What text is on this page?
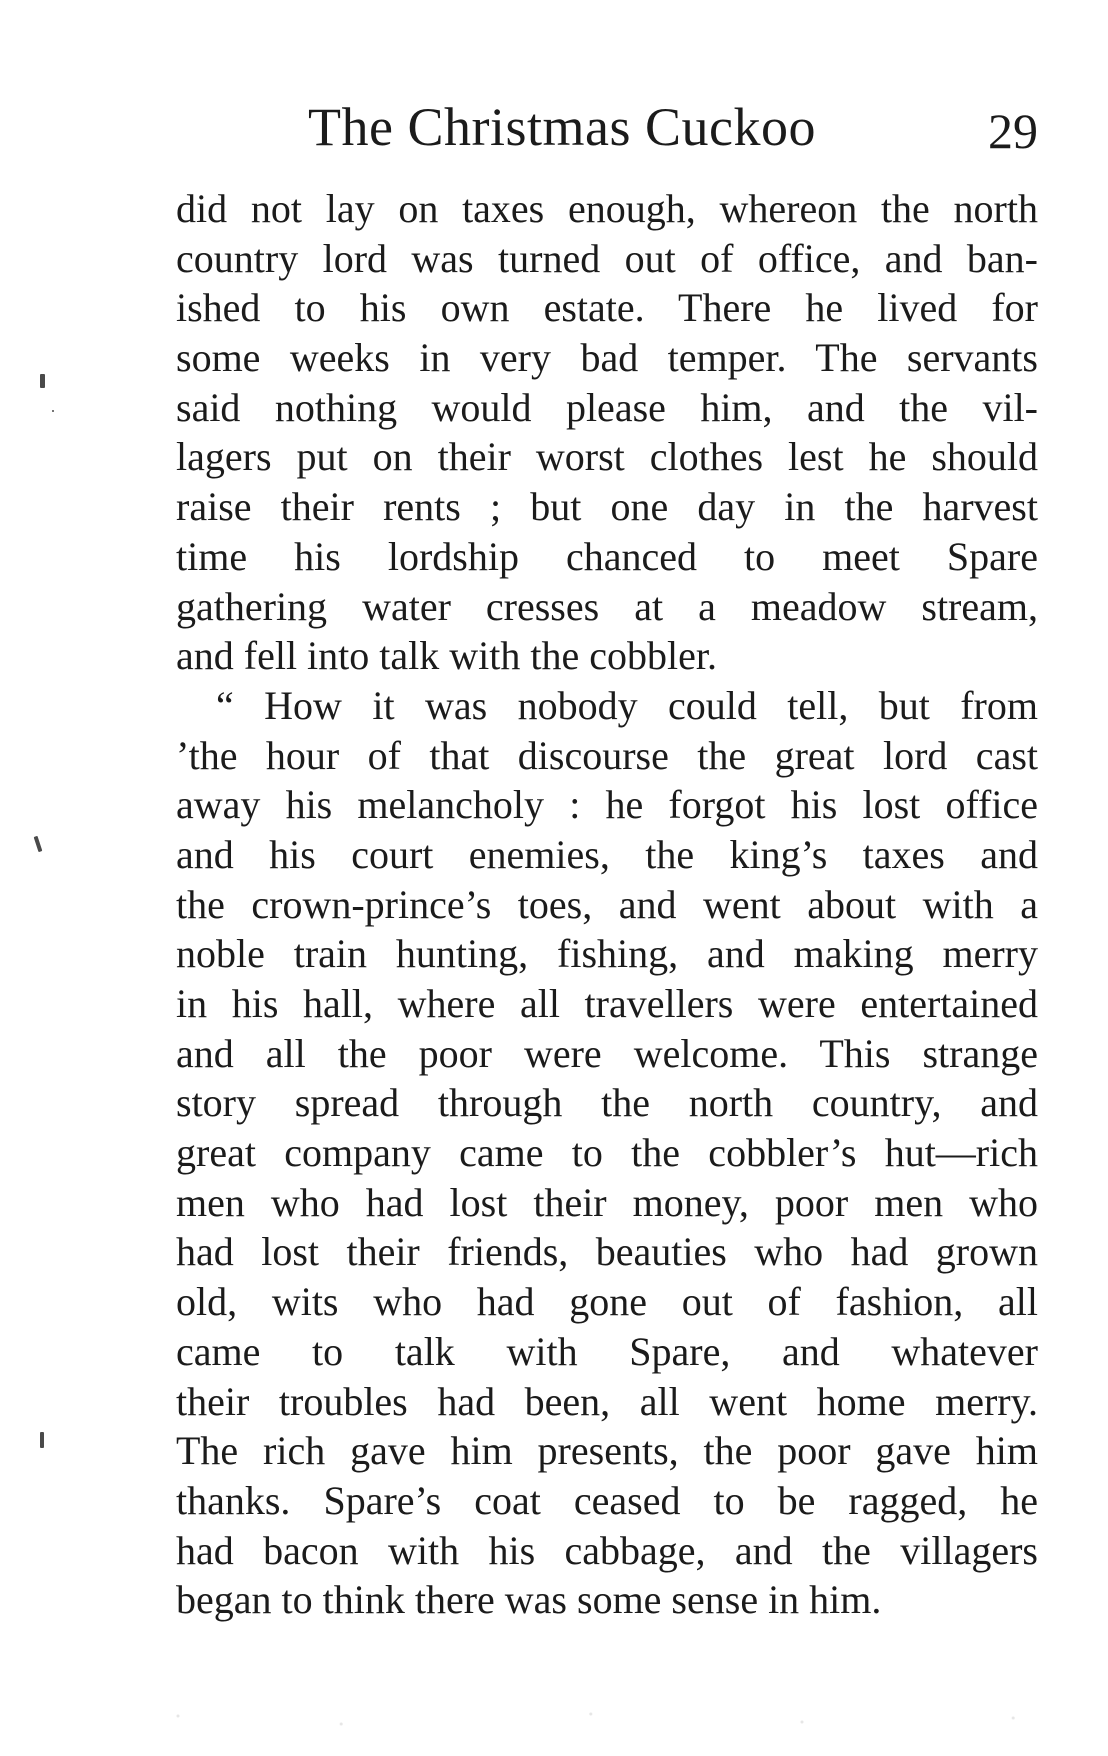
The Christmas Cuckoo	29
did not lay on taxes enough, whereon the north
country lord was turned out of office, and ban-
ished to his own estate. There he lived for
some weeks in very bad temper. The servants
said nothing would please him, and the vil-
lagers put on their worst clothes lest he should
raise their rents ; but one day in the harvest
time his lordship chanced to meet Spare
gathering water cresses at a meadow stream,
and fell into talk with the cobbler.
“ How it was nobody could tell, but from
’the hour of that discourse the great lord cast
away his melancholy : he forgot his lost office
and his court enemies, the king’s taxes and
the crown-prince’s toes, and went about with a
noble train hunting, fishing, and making merry
in his hall, where all travellers were entertained
and all the poor were welcome. This strange
story spread through the north country, and
great company came to the cobbler’s hut—rich
men who had lost their money, poor men who
had lost their friends, beauties who had grown
old, wits who had gone out of fashion, all
came to talk with Spare, and whatever
their troubles had been, all went home merry.
The rich gave him presents, the poor gave him
thanks. Spare’s coat ceased to be ragged, he
had bacon with his cabbage, and the villagers
began to think there was some sense in him.
